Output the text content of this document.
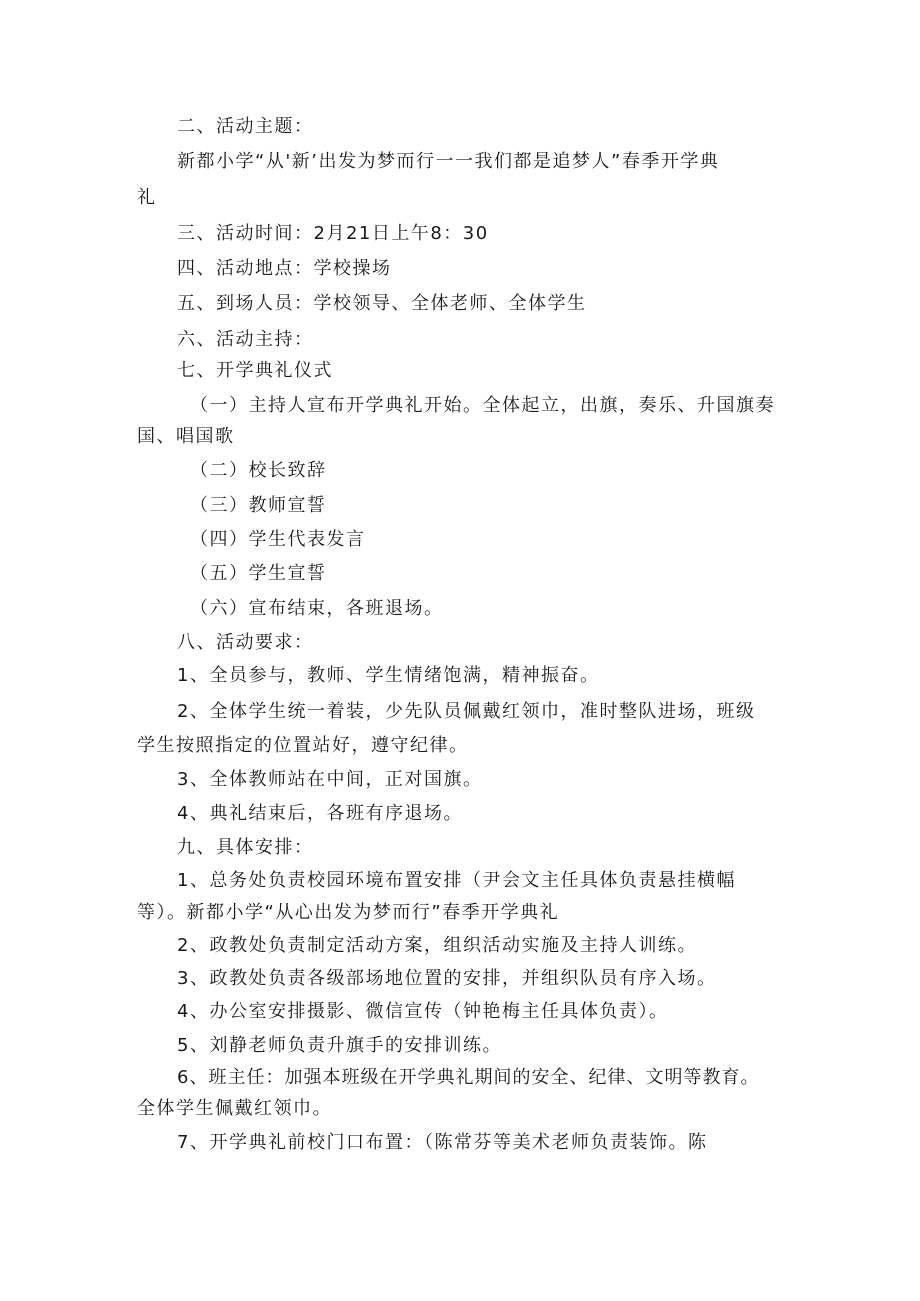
二、活动主题：
新都小学“从'新’出发为梦而行一一我们都是追梦人”春季开学典
礼
三、活动时间：2月21日上午8：30
四、活动地点：学校操场
五、到场人员：学校领导、全体老师、全体学生
六、活动主持：
七、开学典礼仪式
（一）主持人宣布开学典礼开始。全体起立，出旗，奏乐、升国旗奏
国、唱国歌
（二）校长致辞
（三）教师宣誓
（四）学生代表发言
（五）学生宣誓
（六）宣布结束，各班退场。
八、活动要求：
1、全员参与，教师、学生情绪饱满，精神振奋。
2、全体学生统一着装，少先队员佩戴红领巾，准时整队进场，班级
学生按照指定的位置站好，遵守纪律。
3、全体教师站在中间，正对国旗。
4、典礼结束后，各班有序退场。
九、具体安排：
1、总务处负责校园环境布置安排（尹会文主任具体负责悬挂横幅
等）。新都小学“从心出发为梦而行”春季开学典礼
2、政教处负责制定活动方案，组织活动实施及主持人训练。
3、政教处负责各级部场地位置的安排，并组织队员有序入场。
4、办公室安排摄影、微信宣传（钟艳梅主任具体负责）。
5、刘静老师负责升旗手的安排训练。
6、班主任：加强本班级在开学典礼期间的安全、纪律、文明等教育。
全体学生佩戴红领巾。
7、开学典礼前校门口布置：（陈常芬等美术老师负责装饰。陈
